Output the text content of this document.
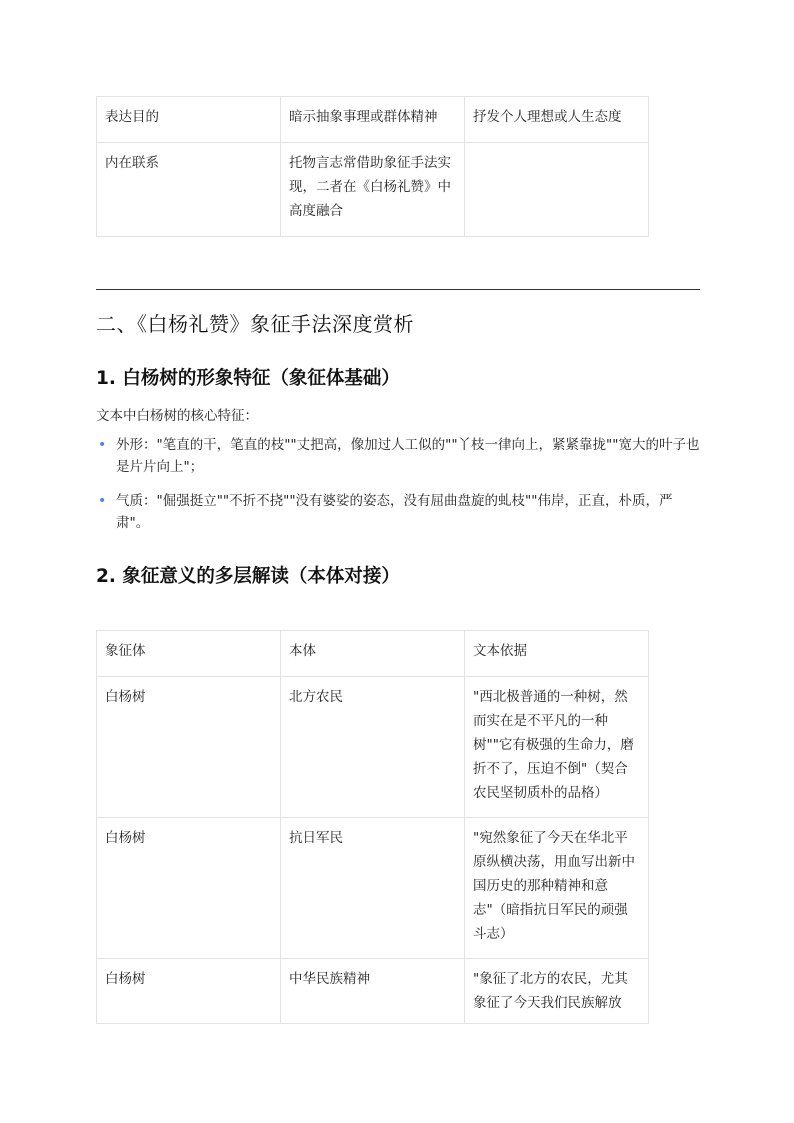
表达目的	暗示抽象事理或群体精神	抒发个人理想或人生态度
内在联系	托物言志常借助象征手法实现，二者在《白杨礼赞》中高度融合	
二、《白杨礼赞》象征手法深度赏析
1. 白杨树的形象特征（象征体基础）

文本中白杨树的核心特征：

• 外形："笔直的干，笔直的枝""丈把高，像加过人工似的""丫枝一律向上，紧紧靠拢""宽大的叶子也是片片向上"；
• 气质："倔强挺立""不折不挠""没有婆娑的姿态，没有屈曲盘旋的虬枝""伟岸，正直，朴质，严肃"。
2. 象征意义的多层解读（本体对接）
象征体	本体	文本依据
白杨树	北方农民	"西北极普通的一种树，然而实在是不平凡的一种树""它有极强的生命力，磨折不了，压迫不倒"（契合农民坚韧质朴的品格）
白杨树	抗日军民	"宛然象征了今天在华北平原纵横决荡，用血写出新中国历史的那种精神和意志"（暗指抗日军民的顽强斗志）
白杨树	中华民族精神	"象征了北方的农民，尤其象征了今天我们民族解放
